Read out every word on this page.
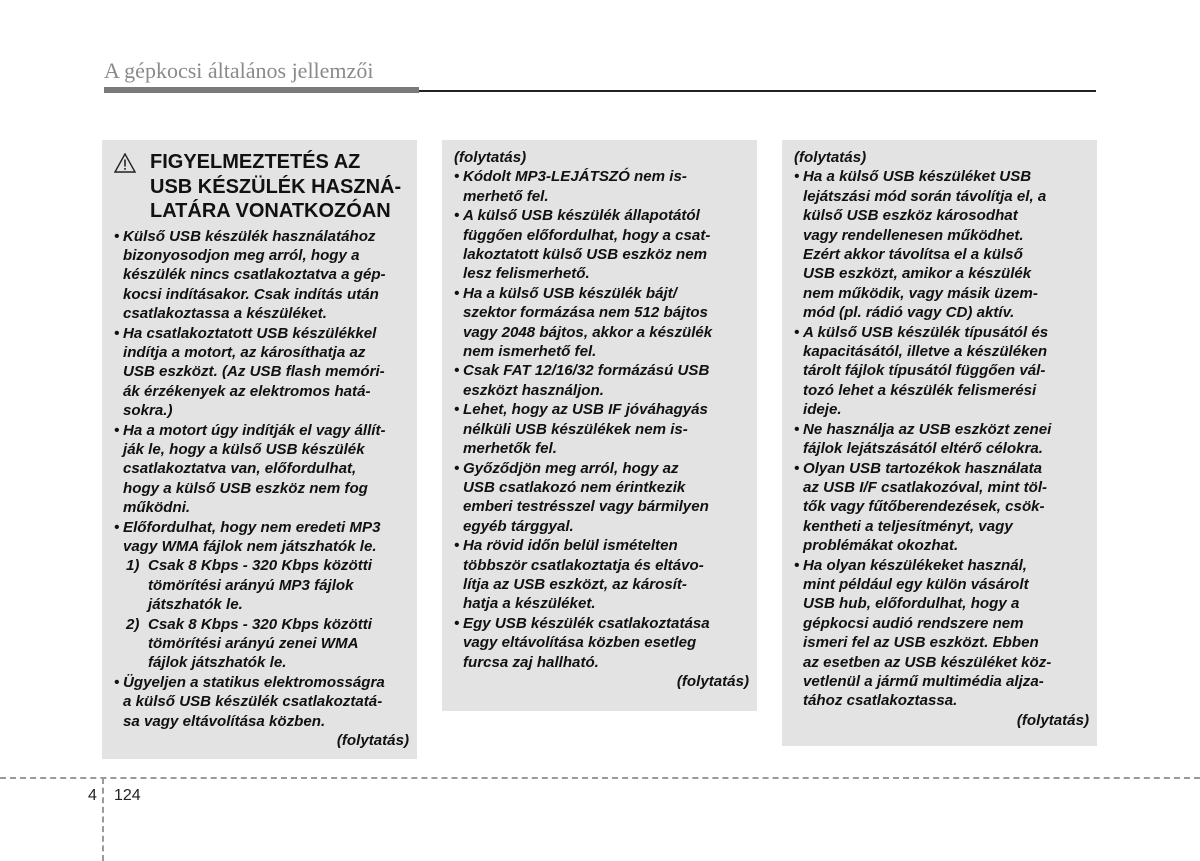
A gépkocsi általános jellemzői
FIGYELMEZTETÉS AZ
USB KÉSZÜLÉK HASZNÁ-
LATÁRA VONATKOZÓAN
• Külső USB készülék használatához
bizonyosodjon meg arról, hogy a
készülék nincs csatlakoztatva a gép-
kocsi indításakor. Csak indítás után
csatlakoztassa a készüléket.
• Ha csatlakoztatott USB készülékkel
indítja a motort, az károsíthatja az
USB eszközt. (Az USB flash memóri-
ák érzékenyek az elektromos hatá-
sokra.)
• Ha a motort úgy indítják el vagy állít-
ják le, hogy a külső USB készülék
csatlakoztatva van, előfordulhat,
hogy a külső USB eszköz nem fog
működni.
• Előfordulhat, hogy nem eredeti MP3
vagy WMA fájlok nem játszhatók le.
1) Csak 8 Kbps - 320 Kbps közötti
tömörítési arányú MP3 fájlok
játszhatók le.
2) Csak 8 Kbps - 320 Kbps közötti
tömörítési arányú zenei WMA
fájlok játszhatók le.
• Ügyeljen a statikus elektromosságra
a külső USB készülék csatlakoztatá-
sa vagy eltávolítása közben.
(folytatás)
(folytatás)
• Kódolt MP3-LEJÁTSZÓ nem is-
merhető fel.
• A külső USB készülék állapotától
függően előfordulhat, hogy a csat-
lakoztatott külső USB eszköz nem
lesz felismerhető.
• Ha a külső USB készülék bájt/
szektor formázása nem 512 bájtos
vagy 2048 bájtos, akkor a készülék
nem ismerhető fel.
• Csak FAT 12/16/32 formázású USB
eszközt használjon.
• Lehet, hogy az USB IF jóváhagyás
nélküli USB készülékek nem is-
merhetők fel.
• Győződjön meg arról, hogy az
USB csatlakozó nem érintkezik
emberi testrésszel vagy bármilyen
egyéb tárggyal.
• Ha rövid időn belül ismételten
többször csatlakoztatja és eltávo-
lítja az USB eszközt, az károsít-
hatja a készüléket.
• Egy USB készülék csatlakoztatása
vagy eltávolítása közben esetleg
furcsa zaj hallható.
(folytatás)
(folytatás)
• Ha a külső USB készüléket USB
lejátszási mód során távolítja el, a
külső USB eszköz károsodhat
vagy rendellenesen működhet.
Ezért akkor távolítsa el a külső
USB eszközt, amikor a készülék
nem működik, vagy másik üzem-
mód (pl. rádió vagy CD) aktív.
• A külső USB készülék típusától és
kapacitásától, illetve a készüléken
tárolt fájlok típusától függően vál-
tozó lehet a készülék felismerési
ideje.
• Ne használja az USB eszközt zenei
fájlok lejátszásától eltérő célokra.
• Olyan USB tartozékok használata
az USB I/F csatlakozóval, mint töl-
tők vagy fűtőberendezések, csök-
kentheti a teljesítményt, vagy
problémákat okozhat.
• Ha olyan készülékeket használ,
mint például egy külön vásárolt
USB hub, előfordulhat, hogy a
gépkocsi audió rendszere nem
ismeri fel az USB eszközt. Ebben
az esetben az USB készüléket köz-
vetlenül a jármű multimédia aljza-
tához csatlakoztassa.
(folytatás)
4 124
